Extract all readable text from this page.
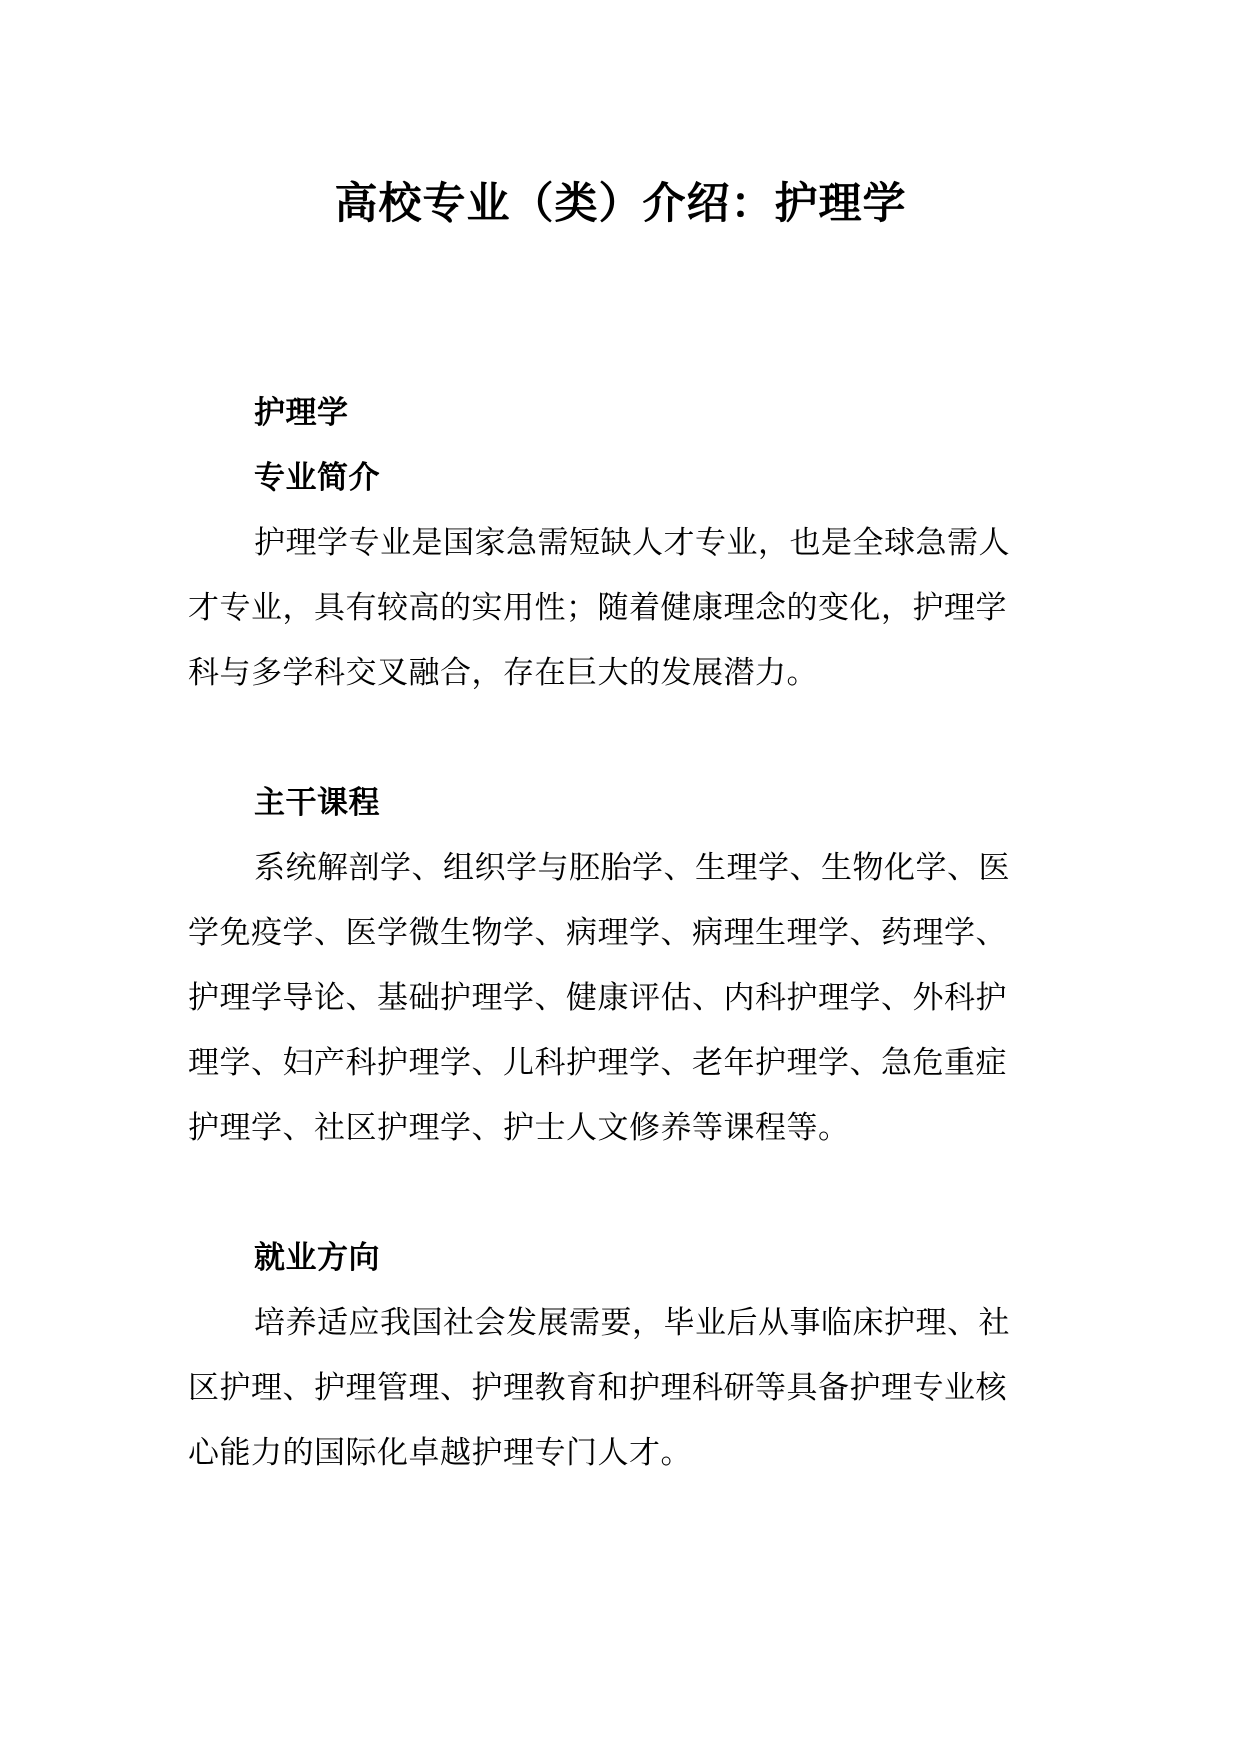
高校专业（类）介绍：护理学
护理学
专业简介
护理学专业是国家急需短缺人才专业，也是全球急需人
才专业，具有较高的实用性；随着健康理念的变化，护理学
科与多学科交叉融合，存在巨大的发展潜力。
主干课程
系统解剖学、组织学与胚胎学、生理学、生物化学、医
学免疫学、医学微生物学、病理学、病理生理学、药理学、
护理学导论、基础护理学、健康评估、内科护理学、外科护
理学、妇产科护理学、儿科护理学、老年护理学、急危重症
护理学、社区护理学、护士人文修养等课程等。
就业方向
培养适应我国社会发展需要，毕业后从事临床护理、社
区护理、护理管理、护理教育和护理科研等具备护理专业核
心能力的国际化卓越护理专门人才。
